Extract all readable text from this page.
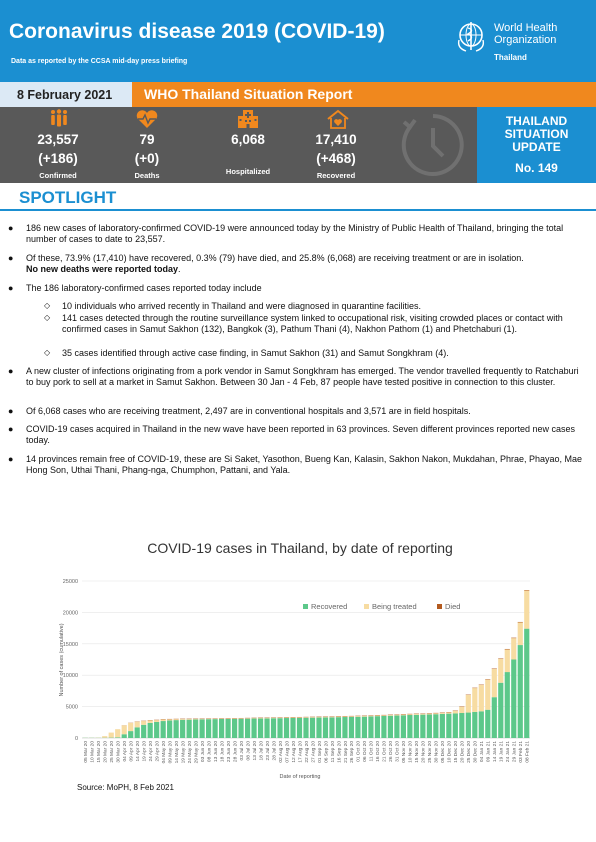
Coronavirus disease 2019 (COVID-19)
Data as reported by the CCSA mid-day press briefing
World Health
Organization
Thailand
8 February 2021 WHO Thailand Situation Report
23,557
(+186)
Confirmed
79
(+0)
Deaths
6,068
Hospitalized
17,410
(+468)
Recovered
THAILAND
SITUATION
UPDATE
No. 149
SPOTLIGHT
● 186 new cases of laboratory-confirmed COVID-19 were announced today by the Ministry of Public Health of Thailand, bringing the total number of cases to date to 23,557.
● Of these, 73.9% (17,410) have recovered, 0.3% (79) have died, and 25.8% (6,068) are receiving treatment or are in isolation.
No new deaths were reported today.
● The 186 laboratory-confirmed cases reported today include
◇ 10 individuals who arrived recently in Thailand and were diagnosed in quarantine facilities.
◇ 141 cases detected through the routine surveillance system linked to occupational risk, visiting crowded places or contact with confirmed cases in Samut Sakhon (132), Bangkok (3), Pathum Thani (4), Nakhon Pathom (1) and Phetchaburi (1).
◇ 35 cases identified through active case finding, in Samut Sakhon (31) and Samut Songkhram (4).
● A new cluster of infections originating from a pork vendor in Samut Songkhram has emerged. The vendor travelled frequently to Ratchaburi to buy pork to sell at a market in Samut Sakhon. Between 30 Jan - 4 Feb, 87 people have tested positive in connection to this cluster.
● Of 6,068 cases who are receiving treatment, 2,497 are in conventional hospitals and 3,571 are in field hospitals.
● COVID-19 cases acquired in Thailand in the new wave have been reported in 63 provinces. Seven different provinces reported new cases today.
● 14 provinces remain free of COVID-19, these are Si Saket, Yasothon, Bueng Kan, Kalasin, Sakhon Nakon, Mukdahan, Phrae, Phayao, Mae Hong Son, Uthai Thani, Phang-nga, Chumphon, Pattani, and Yala.
COVID-19 cases in Thailand, by date of reporting
Number of cases (cumulative)
Date of reporting
0
5000
10000
15000
20000
25000
05 Mar 20 10 Mar 20 15 Mar 20 20 Mar 20 25 Mar 20 30 Mar 20 04 Apr 20 09 Apr 20 14 Apr 20 19 Apr 20 24 Apr 20 29 Apr 20 04 May 20 09 May 20 14 May 20 19 May 20 24 May 20 29 May 20 03 Jun 20 08 Jun 20 13 Jun 20 18 Jun 20 23 Jun 20 28 Jun 20 03 Jul 20 08 Jul 20 13 Jul 20 18 Jul 20 23 Jul 20 28 Jul 20 02 Aug 20 07 Aug 20 12 Aug 20 17 Aug 20 22 Aug 20 27 Aug 20 01 Sep 20 06 Sep 20 11 Sep 20 16 Sep 20 21 Sep 20 26 Sep 20 01 Oct 20 06 Oct 20 11 Oct 20 16 Oct 20 21 Oct 20 26 Oct 20 31 Oct 20 05 Nov 20 10 Nov 20 15 Nov 20 20 Nov 20 25 Nov 20 30 Nov 20 05 Dec 20 10 Dec 20 15 Dec 20 20 Dec 20 25 Dec 20 30 Dec 20 04 Jan 21 09 Jan 21 14 Jan 21 19 Jan 21 24 Jan 21 29 Jan 21 03 Feb 21 08 Feb 21
Recovered	Being treated	Died
Source: MoPH, 8 Feb 2021
